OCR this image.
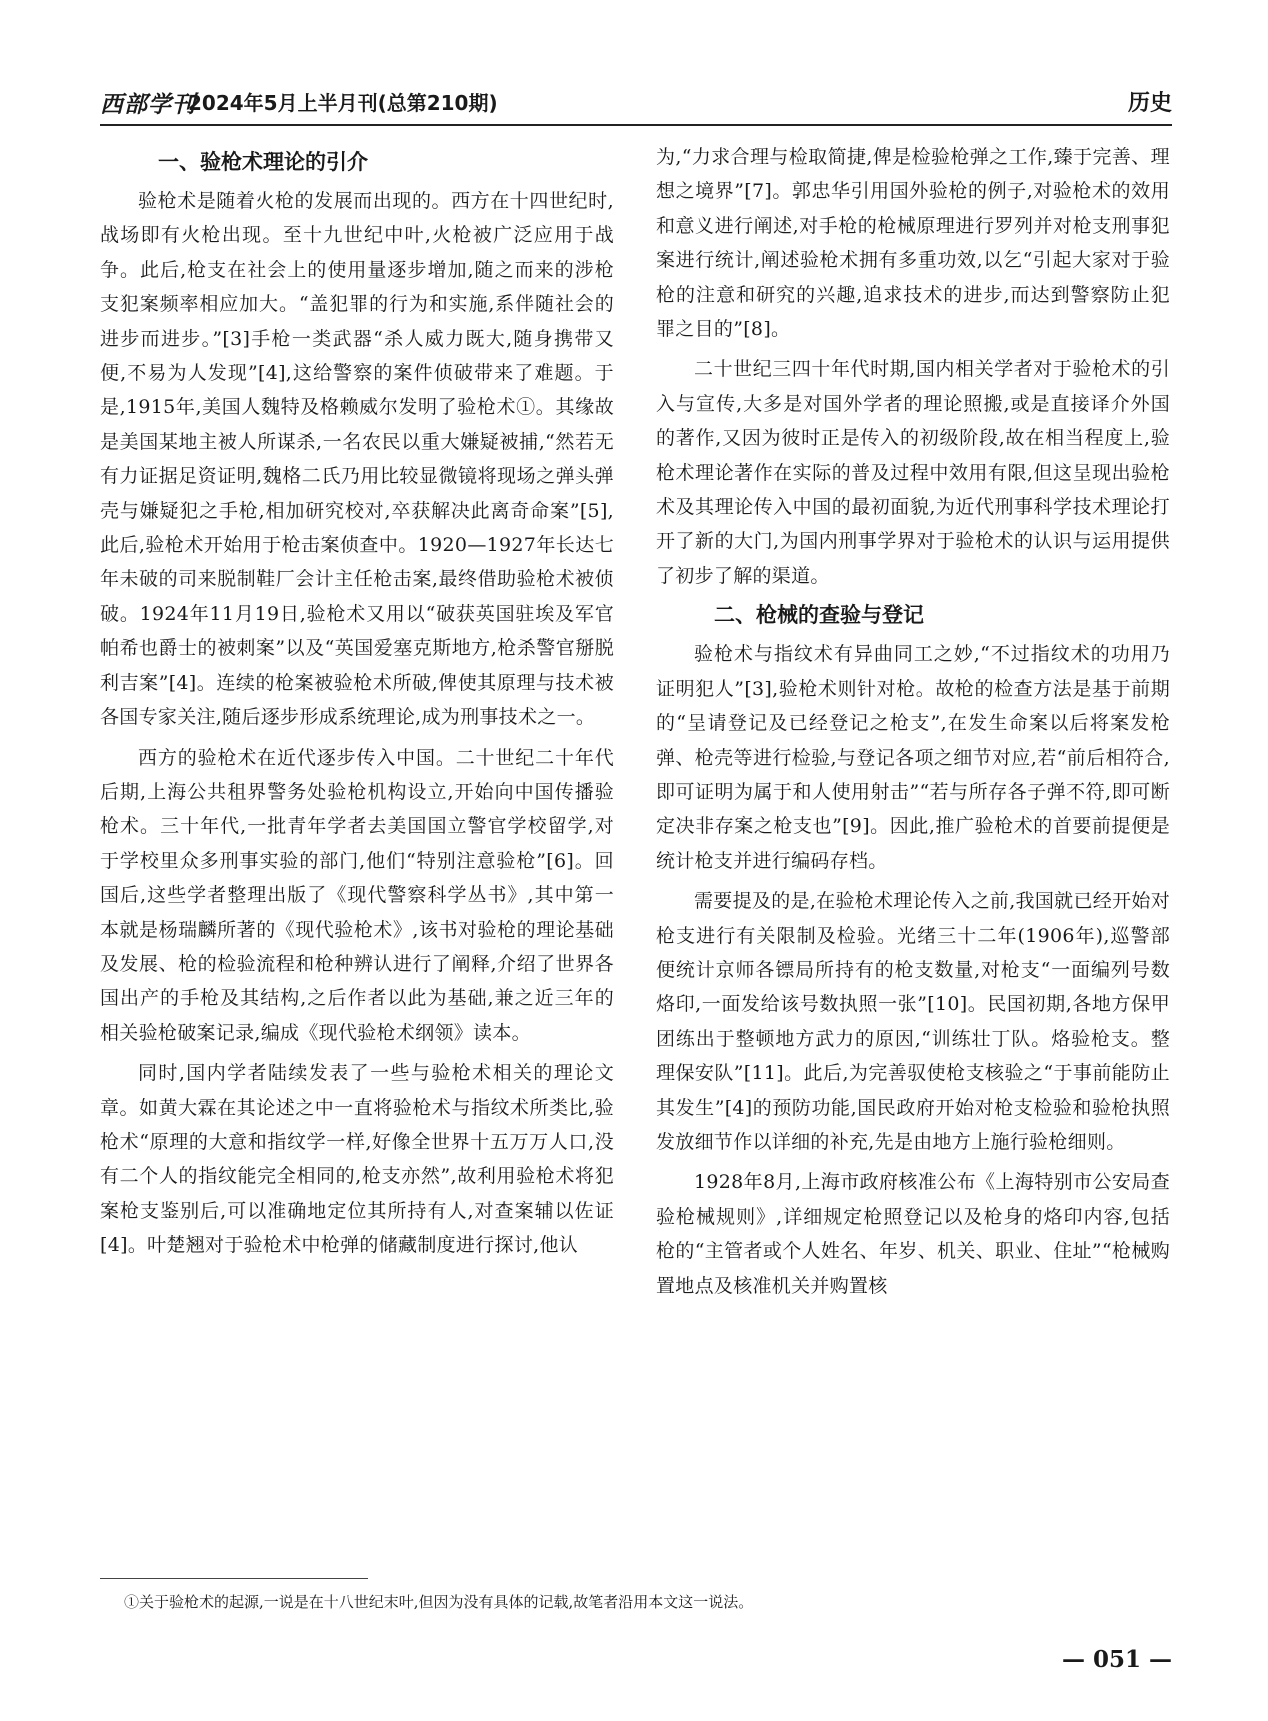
西部学刊
2024年5月上半月刊(总第210期)	历史
一、验枪术理论的引介

验枪术是随着火枪的发展而出现的。西方在十四世纪时,战场即有火枪出现。至十九世纪中叶,火枪被广泛应用于战争。此后,枪支在社会上的使用量逐步增加,随之而来的涉枪支犯案频率相应加大。“盖犯罪的行为和实施,系伴随社会的进步而进步。”[3]手枪一类武器“杀人威力既大,随身携带又便,不易为人发现”[4],这给警察的案件侦破带来了难题。于是,1915年,美国人魏特及格赖威尔发明了验枪术①。其缘故是美国某地主被人所谋杀,一名农民以重大嫌疑被捕,“然若无有力证据足资证明,魏格二氏乃用比较显微镜将现场之弹头弹壳与嫌疑犯之手枪,相加研究校对,卒获解决此离奇命案”[5],此后,验枪术开始用于枪击案侦查中。1920—1927年长达七年未破的司来脱制鞋厂会计主任枪击案,最终借助验枪术被侦破。1924年11月19日,验枪术又用以“破获英国驻埃及军官帕希也爵士的被刺案”以及“英国爱塞克斯地方,枪杀警官掰脱利吉案”[4]。连续的枪案被验枪术所破,俾使其原理与技术被各国专家关注,随后逐步形成系统理论,成为刑事技术之一。

西方的验枪术在近代逐步传入中国。二十世纪二十年代后期,上海公共租界警务处验枪机构设立,开始向中国传播验枪术。三十年代,一批青年学者去美国国立警官学校留学,对于学校里众多刑事实验的部门,他们“特别注意验枪”[6]。回国后,这些学者整理出版了《现代警察科学丛书》,其中第一本就是杨瑞麟所著的《现代验枪术》,该书对验枪的理论基础及发展、枪的检验流程和枪种辨认进行了阐释,介绍了世界各国出产的手枪及其结构,之后作者以此为基础,兼之近三年的相关验枪破案记录,编成《现代验枪术纲领》读本。

同时,国内学者陆续发表了一些与验枪术相关的理论文章。如黄大霖在其论述之中一直将验枪术与指纹术所类比,验枪术“原理的大意和指纹学一样,好像全世界十五万万人口,没有二个人的指纹能完全相同的,枪支亦然”,故利用验枪术将犯案枪支鉴别后,可以准确地定位其所持有人,对查案辅以佐证[4]。叶楚翘对于验枪术中枪弹的储藏制度进行探讨,他认

为,“力求合理与检取简捷,俾是检验枪弹之工作,臻于完善、理想之境界”[7]。郭忠华引用国外验枪的例子,对验枪术的效用和意义进行阐述,对手枪的枪械原理进行罗列并对枪支刑事犯案进行统计,阐述验枪术拥有多重功效,以乞“引起大家对于验枪的注意和研究的兴趣,追求技术的进步,而达到警察防止犯罪之目的”[8]。

二十世纪三四十年代时期,国内相关学者对于验枪术的引入与宣传,大多是对国外学者的理论照搬,或是直接译介外国的著作,又因为彼时正是传入的初级阶段,故在相当程度上,验枪术理论著作在实际的普及过程中效用有限,但这呈现出验枪术及其理论传入中国的最初面貌,为近代刑事科学技术理论打开了新的大门,为国内刑事学界对于验枪术的认识与运用提供了初步了解的渠道。

二、枪械的查验与登记

验枪术与指纹术有异曲同工之妙,“不过指纹术的功用乃证明犯人”[3],验枪术则针对枪。故枪的检查方法是基于前期的“呈请登记及已经登记之枪支”,在发生命案以后将案发枪弹、枪壳等进行检验,与登记各项之细节对应,若“前后相符合,即可证明为属于和人使用射击”“若与所存各子弹不符,即可断定决非存案之枪支也”[9]。因此,推广验枪术的首要前提便是统计枪支并进行编码存档。

需要提及的是,在验枪术理论传入之前,我国就已经开始对枪支进行有关限制及检验。光绪三十二年(1906年),巡警部便统计京师各镖局所持有的枪支数量,对枪支“一面编列号数烙印,一面发给该号数执照一张”[10]。民国初期,各地方保甲团练出于整顿地方武力的原因,“训练壮丁队。烙验枪支。整理保安队”[11]。此后,为完善驭使枪支核验之“于事前能防止其发生”[4]的预防功能,国民政府开始对枪支检验和验枪执照发放细节作以详细的补充,先是由地方上施行验枪细则。

1928年8月,上海市政府核准公布《上海特别市公安局查验枪械规则》,详细规定枪照登记以及枪身的烙印内容,包括枪的“主管者或个人姓名、年岁、机关、职业、住址”“枪械购置地点及核准机关并购置核

①关于验枪术的起源,一说是在十八世纪末叶,但因为没有具体的记载,故笔者沿用本文这一说法。
— 051 —
